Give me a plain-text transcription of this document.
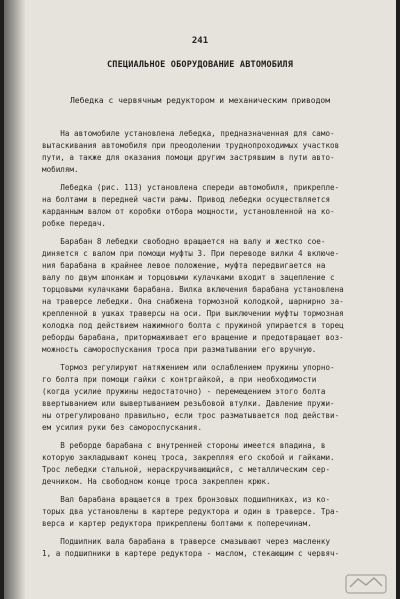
241
СПЕЦИАЛЬНОЕ ОБОРУДОВАНИЕ АВТОМОБИЛЯ
Лебедка с червячным редуктором и механическим приводом
На автомобиле установлена лебедка, предназначенная для само-
вытаскивания автомобиля при преодолении труднопроходимых участков
пути, а также для оказания помощи другим застрявшим в пути авто-
мобилям.
Лебедка (рис. 113) установлена спереди автомобиля, прикрепле-
на болтами в передней части рамы. Привод лебедки осуществляется
карданным валом от коробки отбора мощности, установленной на ко-
робке передач.
Барабан 8 лебедки свободно вращается на валу и жестко сое-
диняется с валом при помощи муфты 3. При переводе вилки 4 включе-
ния барабана в крайнее левое положение, муфта передвигается на
валу по двум шпонкам и торцовыми кулачками входит в зацепление с
торцовыми кулачками барабана. Вилка включения барабана установлена
на траверсе лебедки. Она снабжена тормозной колодкой, шарнирно за-
крепленной в ушках траверсы на оси. При выключении муфты тормозная
колодка под действием нажимного болта с пружиной упирается в торец
реборды барабана, притормаживает его вращение и предотвращает воз-
можность самороспускания троса при разматывании его вручную.
Тормоз регулируют натяжением или ослаблением пружины упорно-
го болта при помощи гайки с контргайкой, а при необходимости
(когда усилие пружины недостаточно) - перемещением этого болта
ввертыванием или вывертыванием резьбовой втулки. Давление пружи-
ны отрегулировано правильно, если трос разматывается под действи-
ем усилия руки без самороспускания.
В реборде барабана с внутренней стороны имеется впадина, в
которую закладывают конец троса, закрепляя его скобой и гайками.
Трос лебедки стальной, нераскручивающийся, с металлическим сер-
дечником. На свободном конце троса закреплен крюк.
Вал барабана вращается в трех бронзовых подшипниках, из ко-
торых два установлены в картере редуктора и один в траверсе. Тра-
верса и картер редуктора прикреплены болтами к поперечинам.
Подшипник вала барабана в траверсе смазывают через масленку
1, а подшипники в картере редуктора - маслом, стекающим с червяч-
